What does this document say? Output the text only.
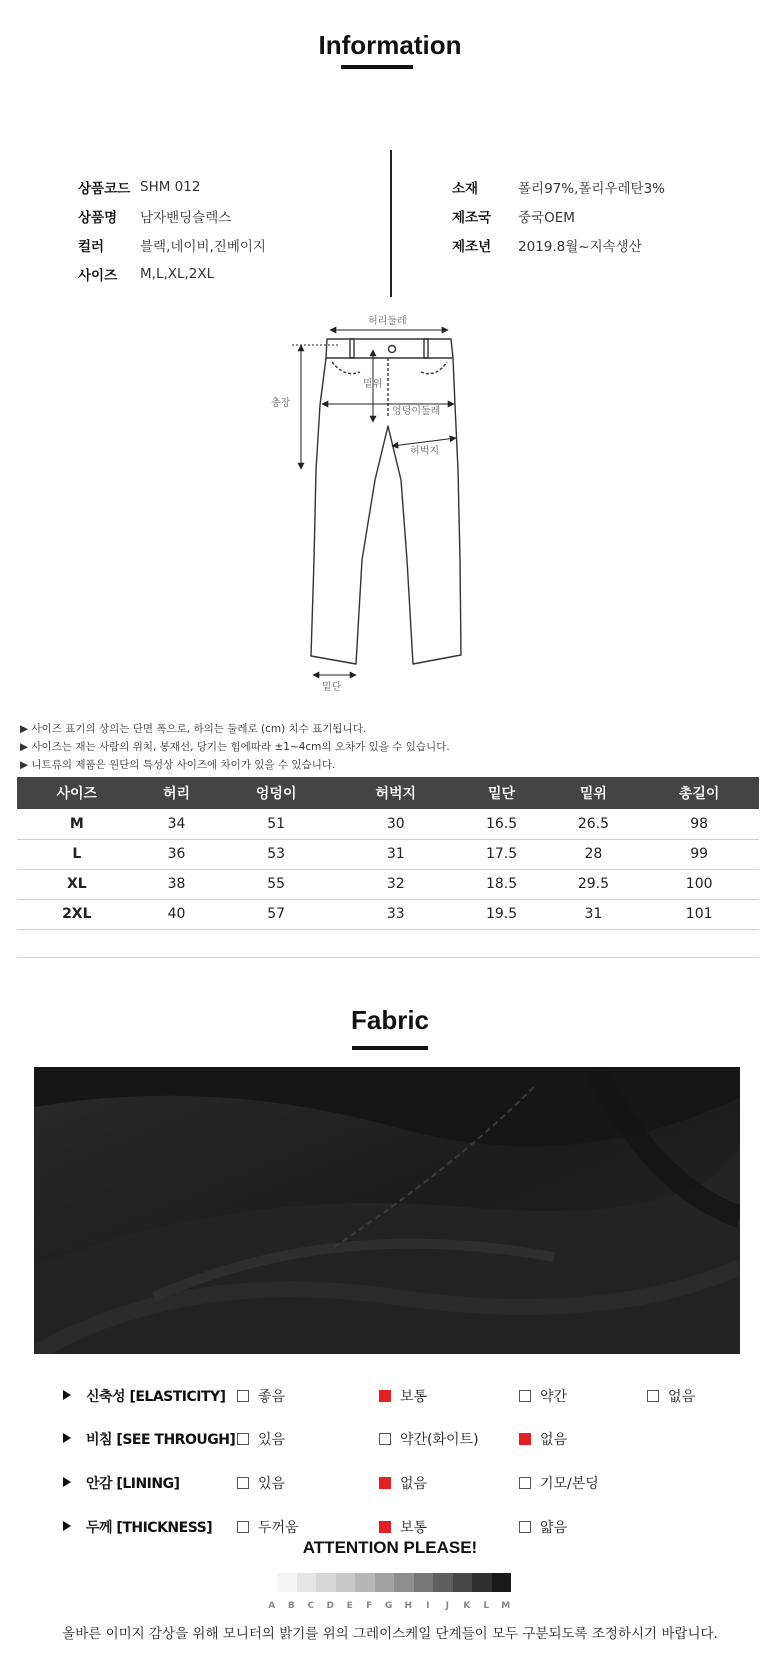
Information
상품코드 SHM 012
상품명	남자밴딩슬렉스
컬러	블랙,네이비,진베이지
사이즈	M,L,XL,2XL
소재	폴리97%,폴리우레탄3%
제조국	중국OEM
제조년	2019.8월~지속생산
허리둘레
밑위
엉덩이둘레
허벅지
총장
밑단
▶ 사이즈 표기의 상의는 단면 폭으로, 하의는 둘레로 (cm) 치수 표기됩니다.
▶ 사이즈는 재는 사람의 위치, 봉재선, 당기는 힘에따라 ±1~4cm의 오차가 있을 수 있습니다.
▶ 니트류의 제품은 원단의 특성상 사이즈에 차이가 있을 수 있습니다.
사이즈	허리	엉덩이	허벅지	밑단	밑위	총길이
M	34	51	30	16.5	26.5	98
L	36	53	31	17.5	28	99
XL	38	55	32	18.5	29.5	100
2XL	40	57	33	19.5	31	101

Fabric
신축성 [ELASTICITY] 좋음	보통	약간	없음
비침 [SEE THROUGH] 있음	약간(화이트)	없음
안감 [LINING]	있음	없음	기모/본딩
두께 [THICKNESS]	두꺼움	보통	얇음
ATTENTION PLEASE!
A	B	C	D	E	F	G	H	I	J	K	L	M
올바른 이미지 감상을 위해 모니터의 밝기를 위의 그레이스케일 단계들이 모두 구분되도록 조정하시기 바랍니다.
